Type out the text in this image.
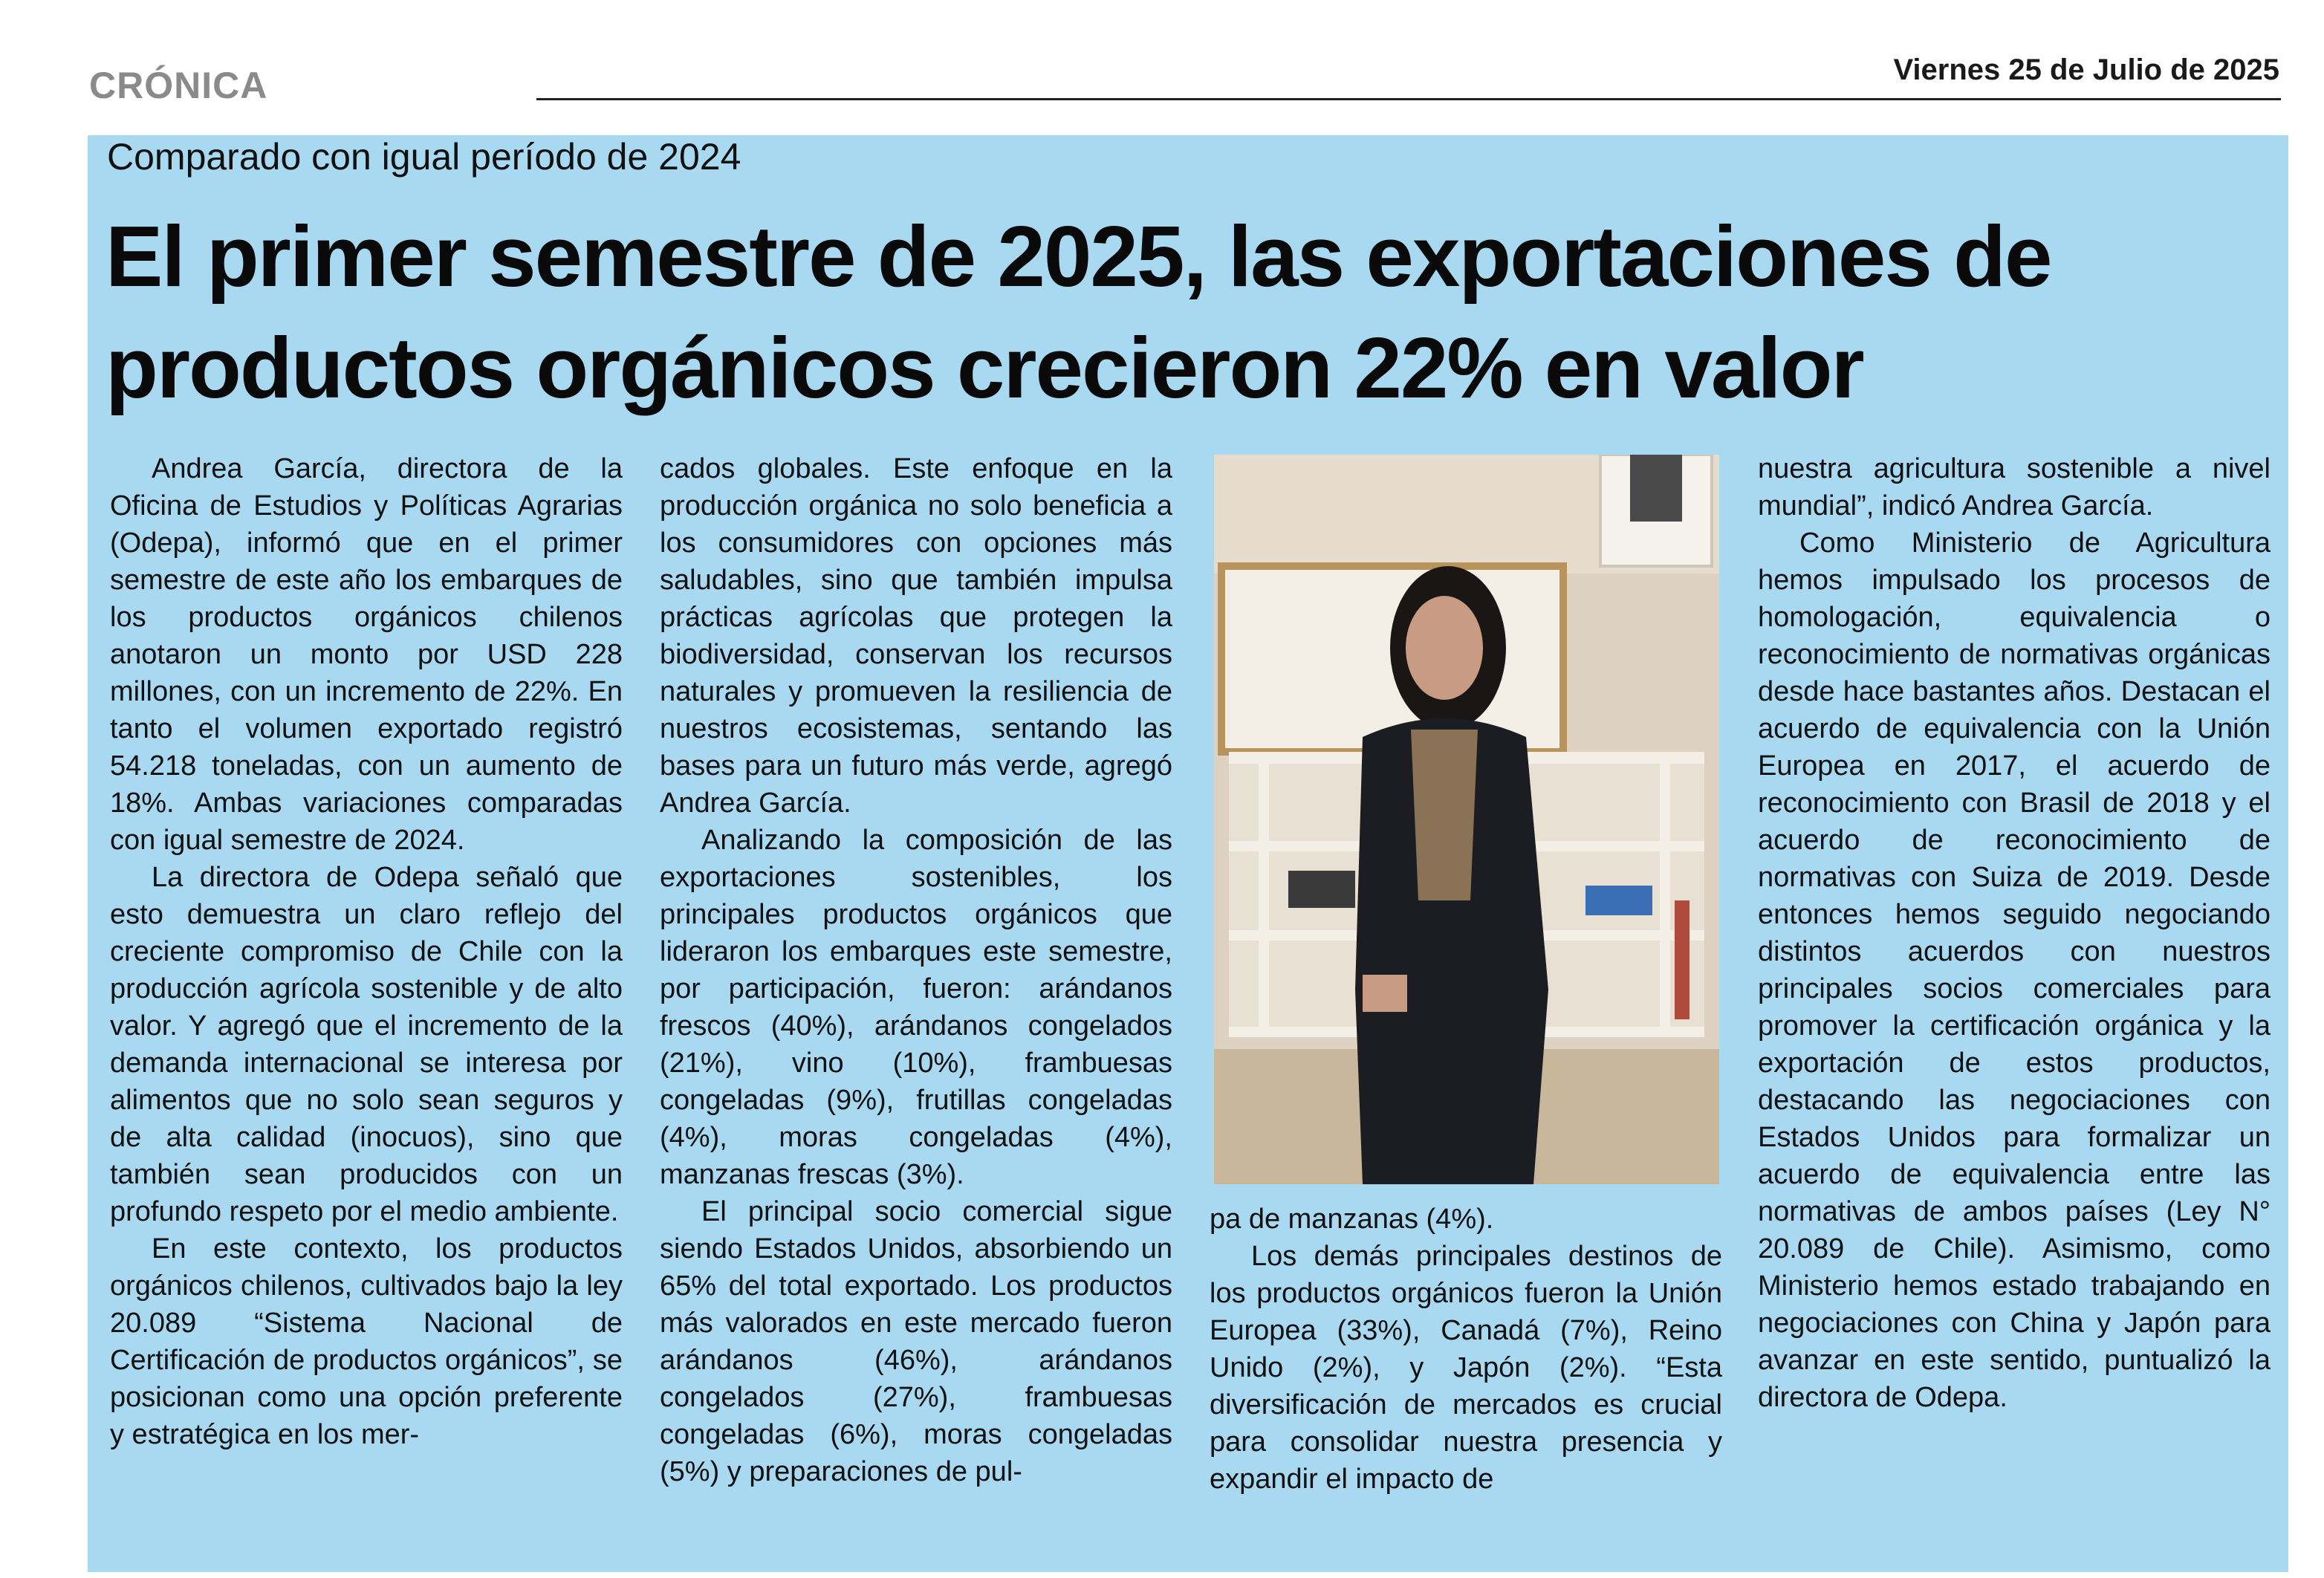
CRÓNICA	Viernes 25 de Julio de 2025
Comparado con igual período de 2024
El primer semestre de 2025, las exportaciones de
productos orgánicos crecieron 22% en valor

Andrea García, directora de la Oficina de Estudios y Políticas Agrarias (Odepa), informó que en el primer semestre de este año los embarques de los productos orgánicos chilenos anotaron un monto por USD 228 millones, con un incremento de 22%. En tanto el volumen exportado registró 54.218 toneladas, con un aumento de 18%. Ambas variaciones comparadas con igual semestre de 2024.

La directora de Odepa señaló que esto demuestra un claro reflejo del creciente compromiso de Chile con la producción agrícola sostenible y de alto valor. Y agregó que el incremento de la demanda internacional se interesa por alimentos que no solo sean seguros y de alta calidad (inocuos), sino que también sean producidos con un profundo respeto por el medio ambiente.

En este contexto, los productos orgánicos chilenos, cultivados bajo la ley 20.089 “Sistema Nacional de Certificación de productos orgánicos”, se posicionan como una opción preferente y estratégica en los mer-

cados globales. Este enfoque en la producción orgánica no solo beneficia a los consumidores con opciones más saludables, sino que también impulsa prácticas agrícolas que protegen la biodiversidad, conservan los recursos naturales y promueven la resiliencia de nuestros ecosistemas, sentando las bases para un futuro más verde, agregó Andrea García.

Analizando la composición de las exportaciones sostenibles, los principales productos orgánicos que lideraron los embarques este semestre, por participación, fueron: arándanos frescos (40%), arándanos congelados (21%), vino (10%), frambuesas congeladas (9%), frutillas congeladas (4%), moras congeladas (4%), manzanas frescas (3%).

El principal socio comercial sigue siendo Estados Unidos, absorbiendo un 65% del total exportado. Los productos más valorados en este mercado fueron arándanos (46%), arándanos congelados (27%), frambuesas congeladas (6%), moras congeladas (5%) y preparaciones de pul-

pa de manzanas (4%).

Los demás principales destinos de los productos orgánicos fueron la Unión Europea (33%), Canadá (7%), Reino Unido (2%), y Japón (2%). “Esta diversificación de mercados es crucial para consolidar nuestra presencia y expandir el impacto de

nuestra agricultura sostenible a nivel mundial”, indicó Andrea García.

Como Ministerio de Agricultura hemos impulsado los procesos de homologación, equivalencia o reconocimiento de normativas orgánicas desde hace bastantes años. Destacan el acuerdo de equivalencia con la Unión Europea en 2017, el acuerdo de reconocimiento con Brasil de 2018 y el acuerdo de reconocimiento de normativas con Suiza de 2019. Desde entonces hemos seguido negociando distintos acuerdos con nuestros principales socios comerciales para promover la certificación orgánica y la exportación de estos productos, destacando las negociaciones con Estados Unidos para formalizar un acuerdo de equivalencia entre las normativas de ambos países (Ley N° 20.089 de Chile). Asimismo, como Ministerio hemos estado trabajando en negociaciones con China y Japón para avanzar en este sentido, puntualizó la directora de Odepa.
